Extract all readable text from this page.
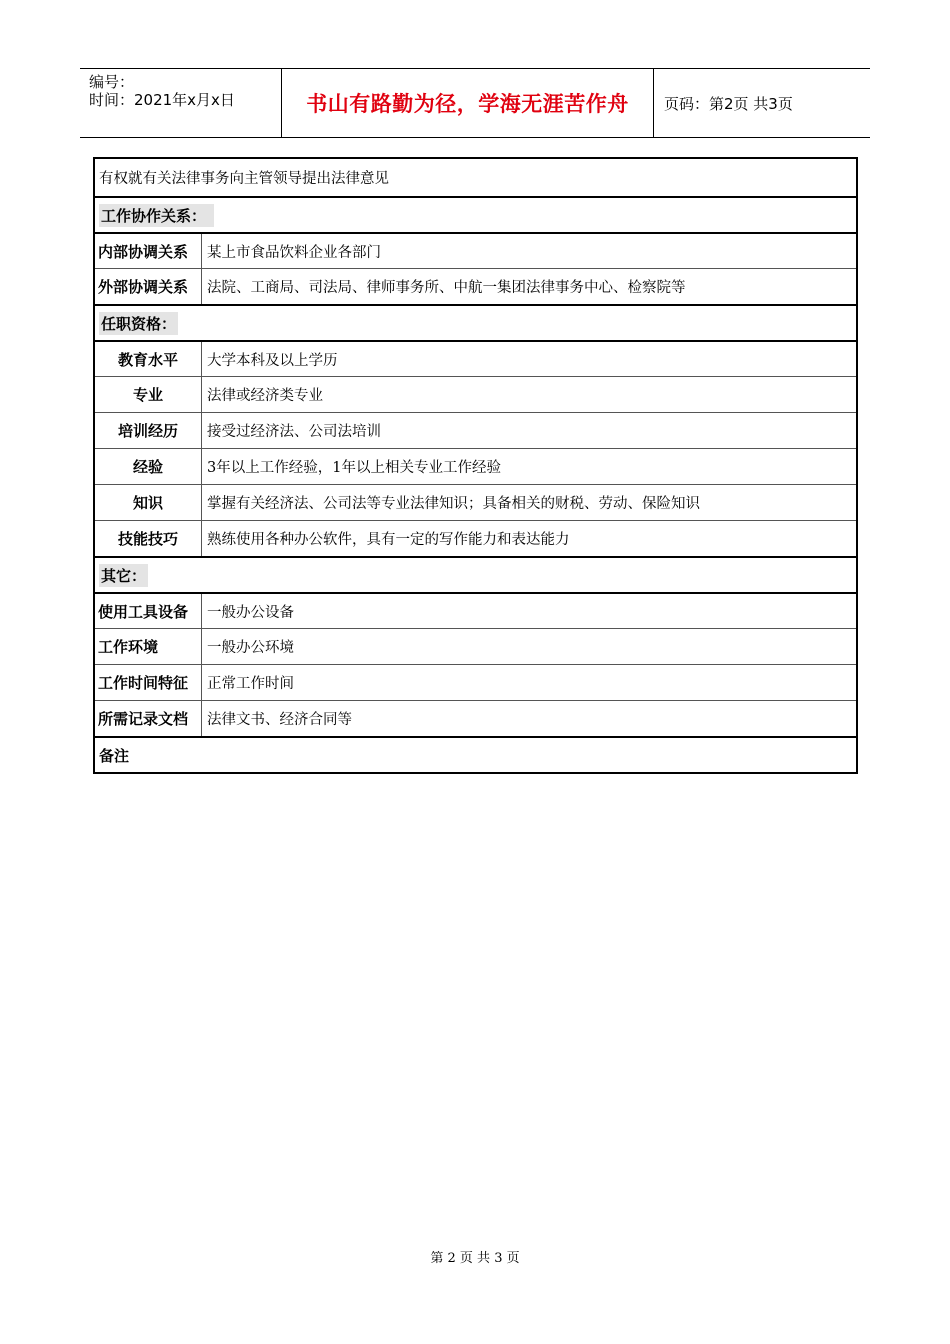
编号：
时间：2021年x月x日	书山有路勤为径，学海无涯苦作舟	页码：第2页 共3页
有权就有关法律事务向主管领导提出法律意见
工作协作关系：
内部协调关系	某上市食品饮料企业各部门
外部协调关系	法院、工商局、司法局、律师事务所、中航一集团法律事务中心、检察院等
任职资格：
教育水平	大学本科及以上学历
专业	法律或经济类专业
培训经历	接受过经济法、公司法培训
经验	3年以上工作经验，1年以上相关专业工作经验
知识	掌握有关经济法、公司法等专业法律知识；具备相关的财税、劳动、保险知识
技能技巧	熟练使用各种办公软件，具有一定的写作能力和表达能力
其它：
使用工具设备	一般办公设备
工作环境	一般办公环境
工作时间特征	正常工作时间
所需记录文档	法律文书、经济合同等
备注
第 2 页 共 3 页
